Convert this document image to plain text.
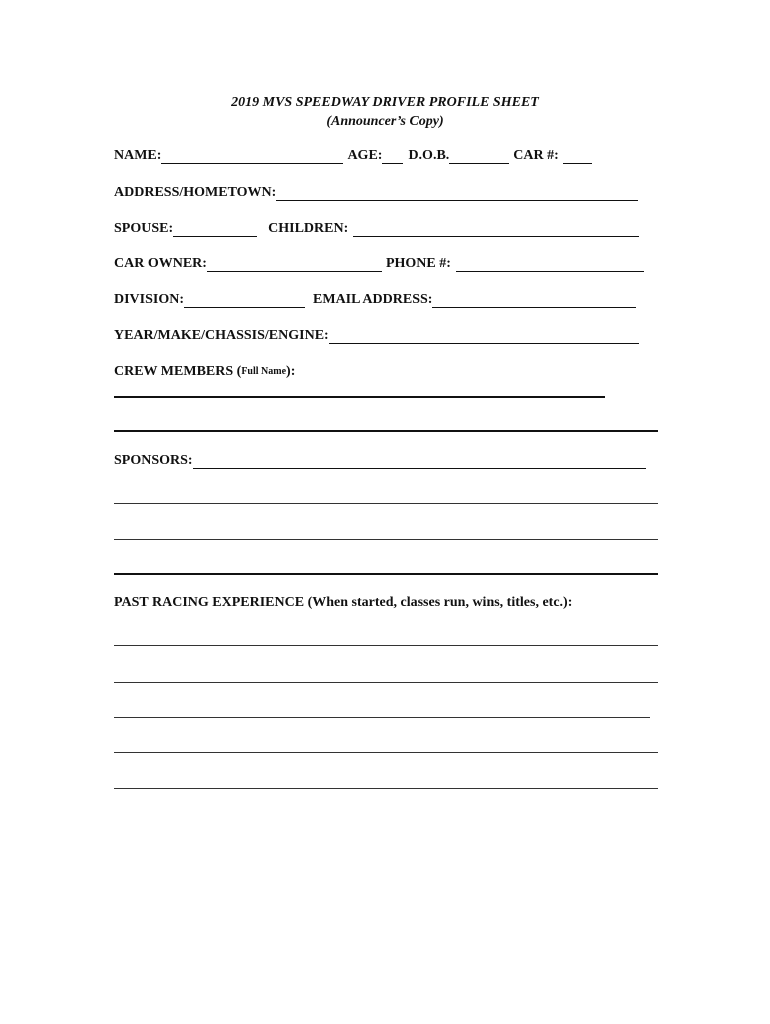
2019 MVS SPEEDWAY DRIVER PROFILE SHEET
(Announcer’s Copy)
NAME:	AGE: D.O.B.	CAR #:
ADDRESS/HOMETOWN:
SPOUSE:	CHILDREN:
CAR OWNER:	PHONE #:
DIVISION:	EMAIL ADDRESS:
YEAR/MAKE/CHASSIS/ENGINE:
CREW MEMBERS ( Full Name ):
SPONSORS:
PAST RACING EXPERIENCE (When started, classes run, wins, titles, etc.):
